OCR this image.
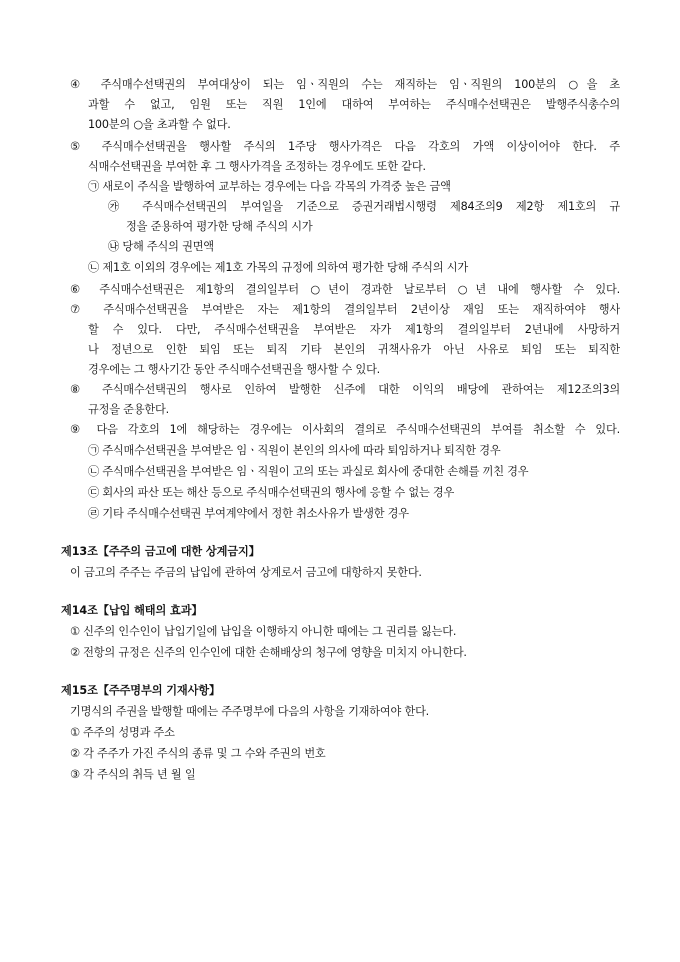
④ 주식매수선택권의 부여대상이 되는 임ㆍ직원의 수는 재직하는 임ㆍ직원의 100분의 ○을 초
과할 수 없고, 임원 또는 직원 1인에 대하여 부여하는 주식매수선택권은 발행주식총수의
100분의 ○을 초과할 수 없다.
⑤ 주식매수선택권을 행사할 주식의 1주당 행사가격은 다음 각호의 가액 이상이어야 한다. 주
식매수선택권을 부여한 후 그 행사가격을 조정하는 경우에도 또한 같다.
㉠ 새로이 주식을 발행하여 교부하는 경우에는 다음 각목의 가격중 높은 금액
㉮ 주식매수선택권의 부여일을 기준으로 증권거래법시행령 제84조의9 제2항 제1호의 규
정을 준용하여 평가한 당해 주식의 시가
㉯ 당해 주식의 권면액
㉡ 제1호 이외의 경우에는 제1호 가목의 규정에 의하여 평가한 당해 주식의 시가
⑥ 주식매수선택권은 제1항의 결의일부터 ○년이 경과한 날로부터 ○년 내에 행사할 수 있다.
⑦ 주식매수선택권을 부여받은 자는 제1항의 결의일부터 2년이상 재임 또는 재직하여야 행사
할 수 있다. 다만, 주식매수선택권을 부여받은 자가 제1항의 결의일부터 2년내에 사망하거
나 정년으로 인한 퇴임 또는 퇴직 기타 본인의 귀책사유가 아닌 사유로 퇴임 또는 퇴직한
경우에는 그 행사기간 동안 주식매수선택권을 행사할 수 있다.
⑧ 주식매수선택권의 행사로 인하여 발행한 신주에 대한 이익의 배당에 관하여는 제12조의3의
규정을 준용한다.
⑨ 다음 각호의 1에 해당하는 경우에는 이사회의 결의로 주식매수선택권의 부여를 취소할 수 있다.
㉠ 주식매수선택권을 부여받은 임ㆍ직원이 본인의 의사에 따라 퇴임하거나 퇴직한 경우
㉡ 주식매수선택권을 부여받은 임ㆍ직원이 고의 또는 과실로 회사에 중대한 손해를 끼친 경우
㉢ 회사의 파산 또는 해산 등으로 주식매수선택권의 행사에 응할 수 없는 경우
㉣ 기타 주식매수선택권 부여계약에서 정한 취소사유가 발생한 경우
제13조【주주의 금고에 대한 상계금지】
이 금고의 주주는 주금의 납입에 관하여 상계로서 금고에 대항하지 못한다.
제14조【납입 해태의 효과】
① 신주의 인수인이 납입기일에 납입을 이행하지 아니한 때에는 그 권리를 잃는다.
② 전항의 규정은 신주의 인수인에 대한 손해배상의 청구에 영향을 미치지 아니한다.
제15조【주주명부의 기재사항】
기명식의 주권을 발행할 때에는 주주명부에 다음의 사항을 기재하여야 한다.
① 주주의 성명과 주소
② 각 주주가 가진 주식의 종류 및 그 수와 주권의 번호
③ 각 주식의 취득 년 월 일
